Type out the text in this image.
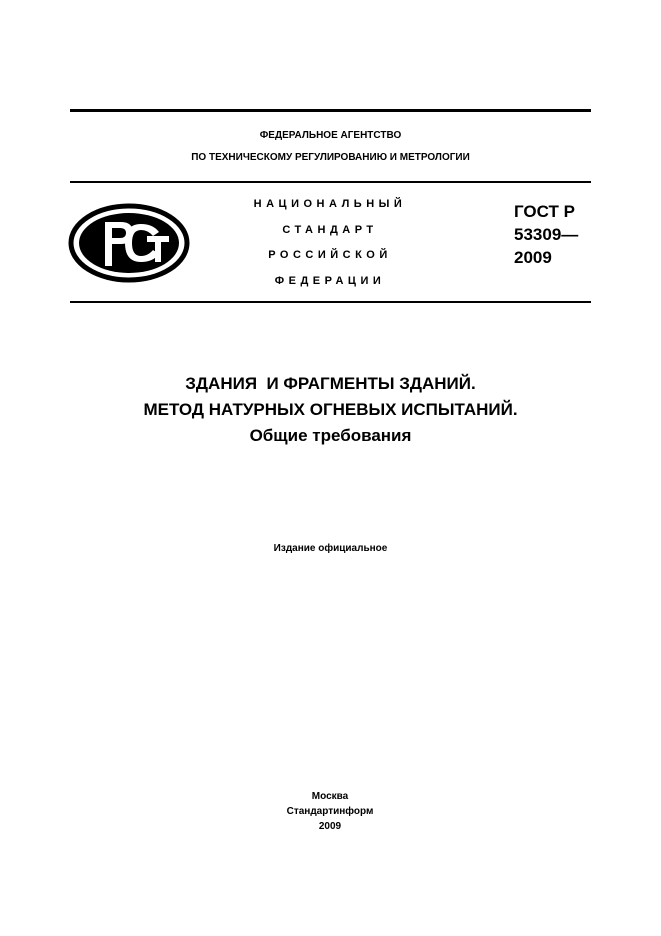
ФЕДЕРАЛЬНОЕ АГЕНТСТВО
ПО ТЕХНИЧЕСКОМУ РЕГУЛИРОВАНИЮ И МЕТРОЛОГИИ
НАЦИОНАЛЬНЫЙ
СТАНДАРТ
РОССИЙСКОЙ
ФЕДЕРАЦИИ
ГОСТ Р
53309—
2009
ЗДАНИЯ  И ФРАГМЕНТЫ ЗДАНИЙ.
МЕТОД НАТУРНЫХ ОГНЕВЫХ ИСПЫТАНИЙ.
Общие требования
Издание официальное
Москва
Стандартинформ
2009
